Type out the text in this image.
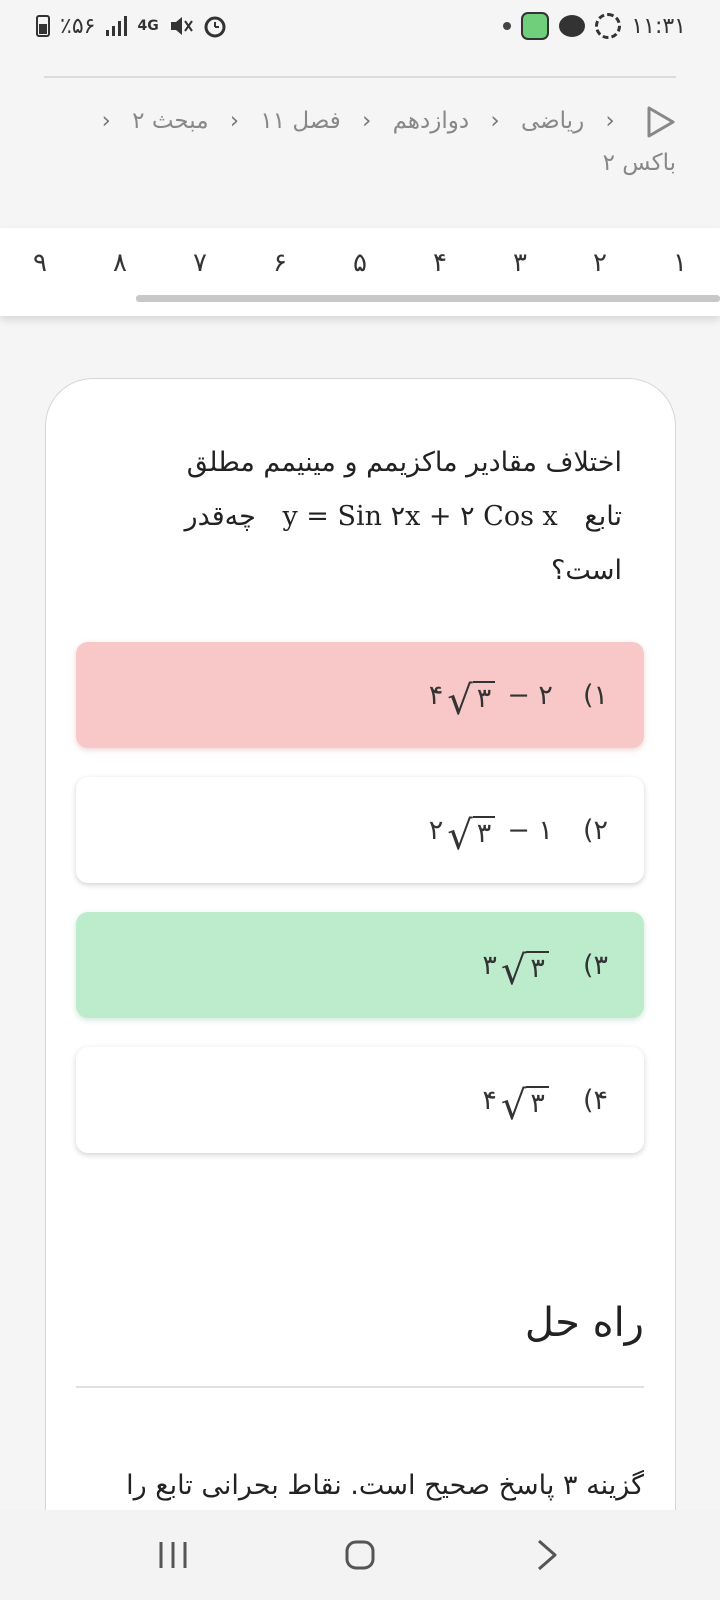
٪۵۶	4G	۱۱:۳۱
‹ ریاضی ‹ دوازدهم ‹ فصل ۱۱ ‹ مبحث ۲ ‹
باکس ۲
۱
۲
۳
۴
۵
۶
۷
۸
۹
اختلاف مقادیر ماکزیمم و مینیمم مطلق
تابع y = Sin ۲x + ۲ Cos x چه‌قدر
است؟
۱)
۴ √ ۳ − ۲
۲)
۲ √ ۳ − ۱
۳)
۳ √ ۳
۴)
۴ √ ۳
راه حل
گزینه ۳ پاسخ صحیح است. نقاط بحرانی تابع را
